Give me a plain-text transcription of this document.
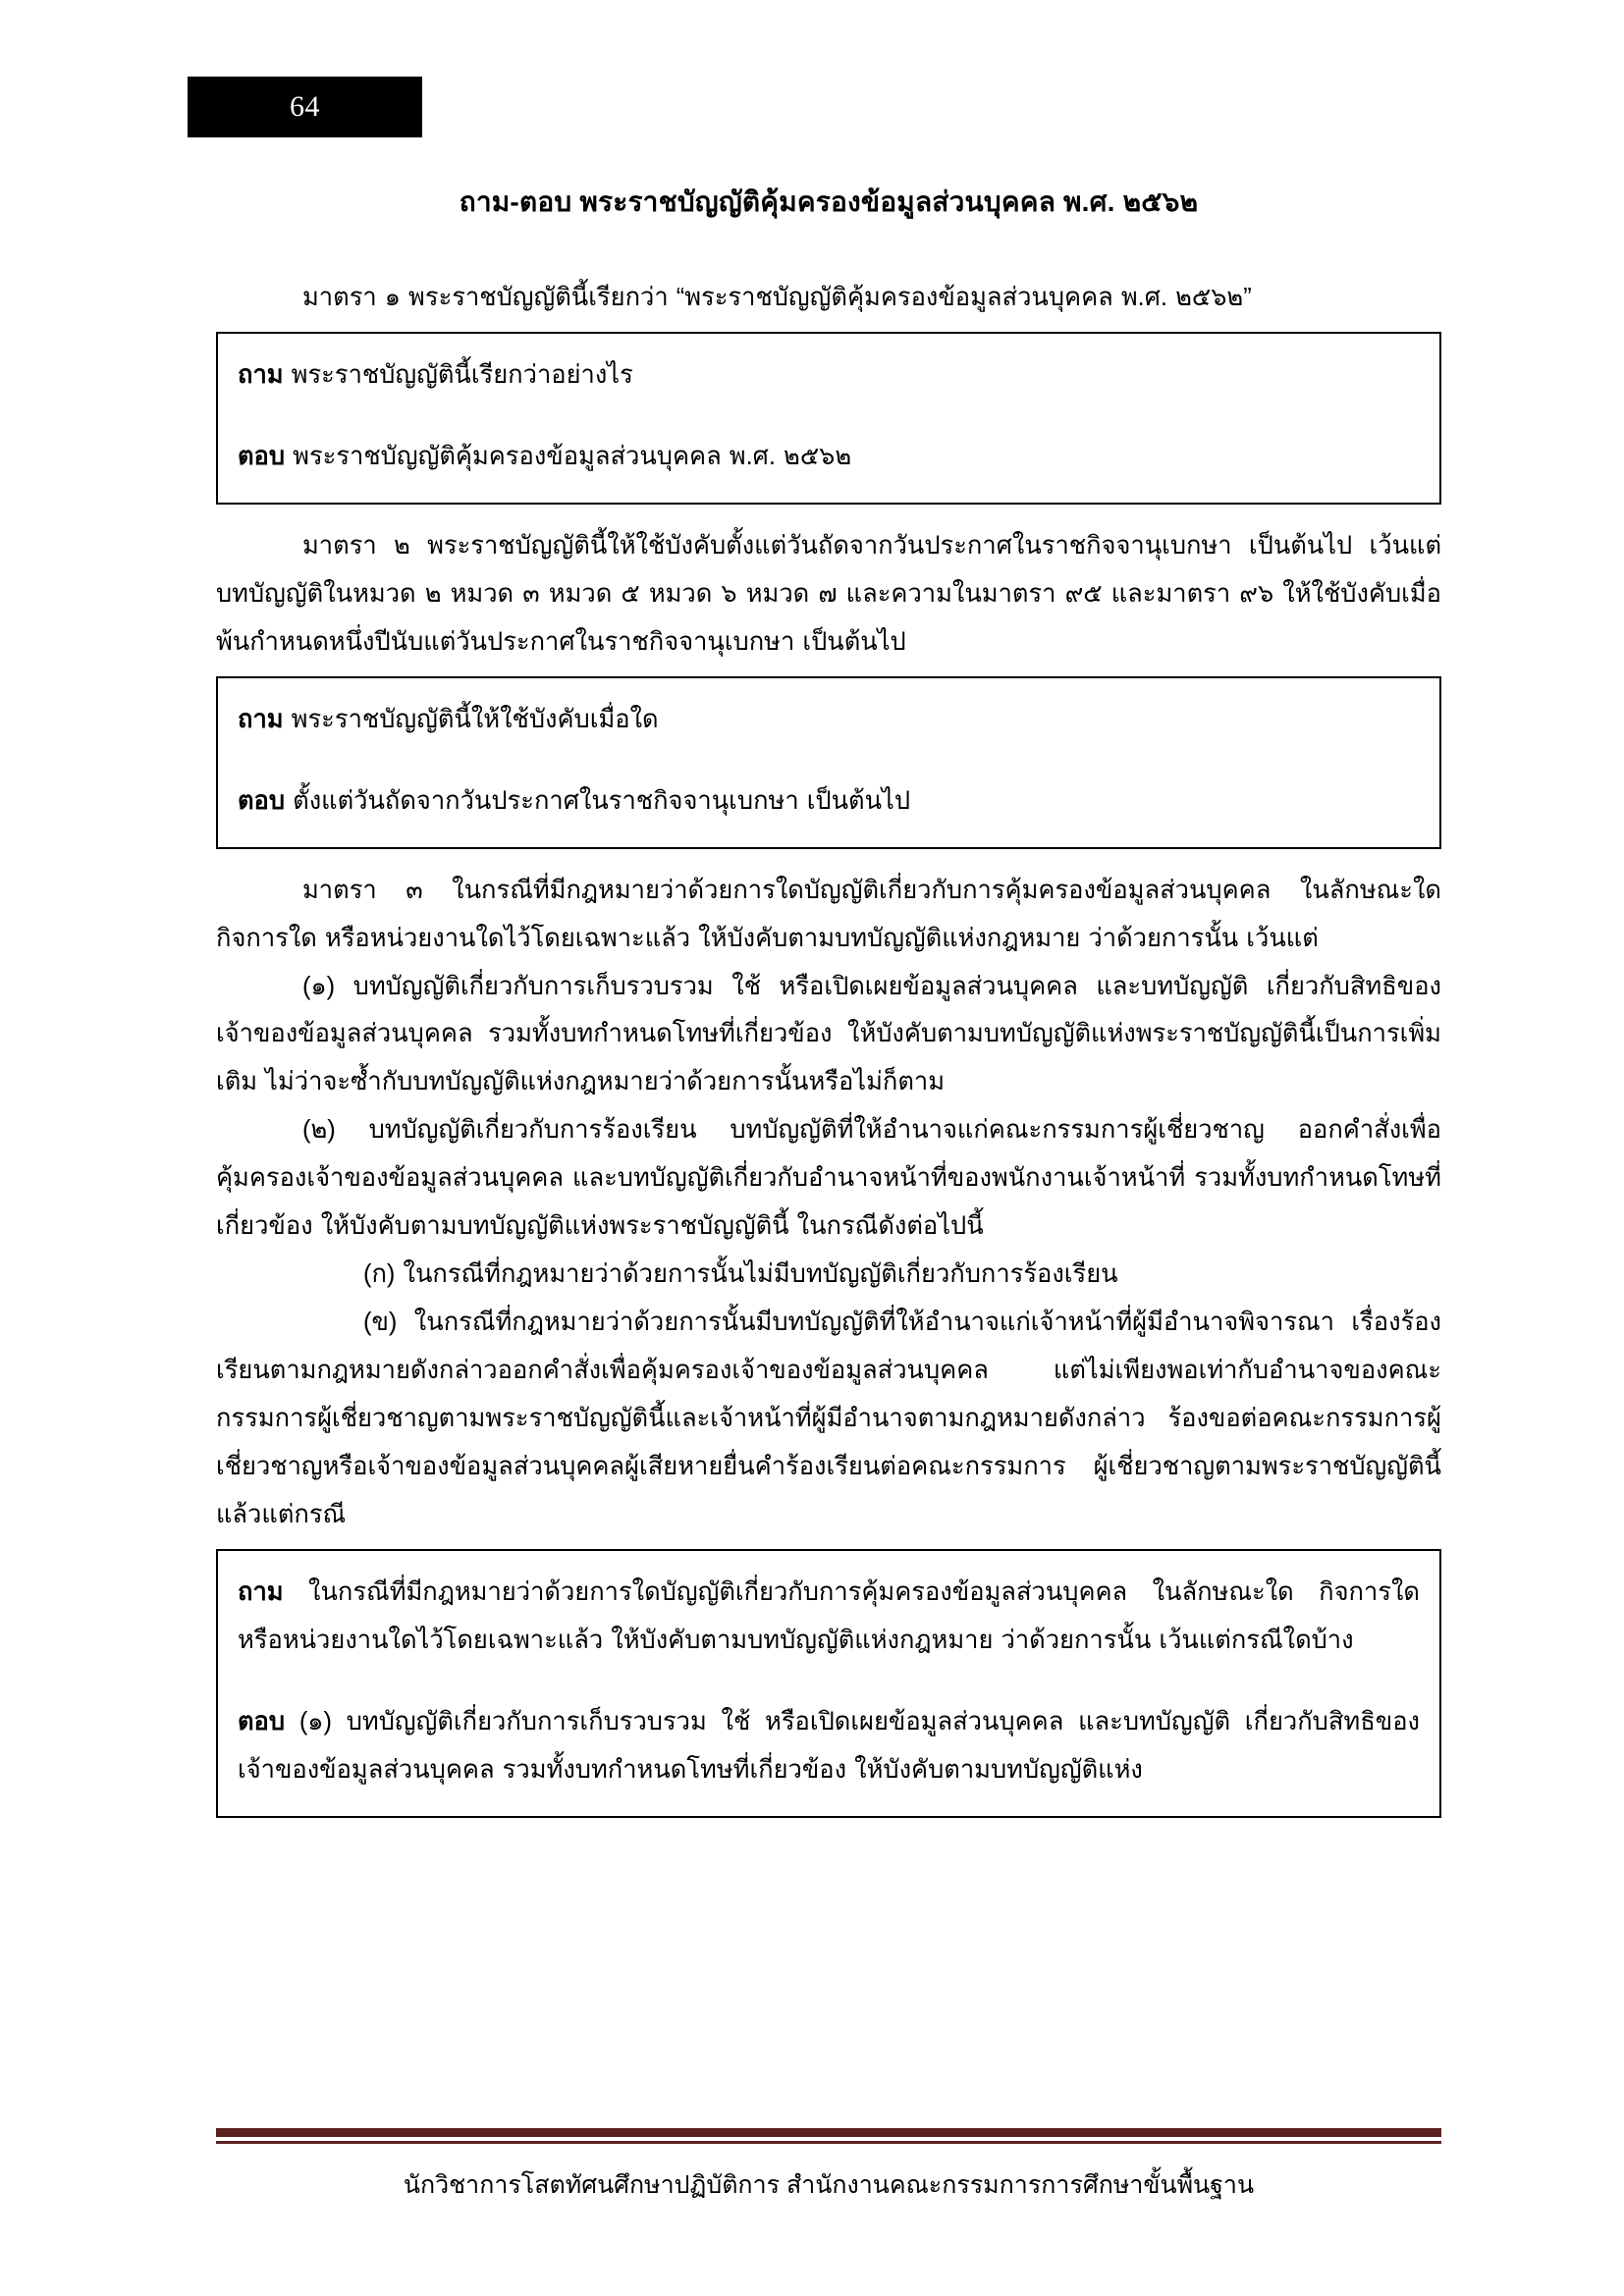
64
ถาม-ตอบ พระราชบัญญัติคุ้มครองข้อมูลส่วนบุคคล พ.ศ. ๒๕๖๒

มาตรา ๑ พระราชบัญญัตินี้เรียกว่า “พระราชบัญญัติคุ้มครองข้อมูลส่วนบุคคล พ.ศ. ๒๕๖๒”

ถาม พระราชบัญญัตินี้เรียกว่าอย่างไร

ตอบ พระราชบัญญัติคุ้มครองข้อมูลส่วนบุคคล พ.ศ. ๒๕๖๒

มาตรา ๒ พระราชบัญญัตินี้ให้ใช้บังคับตั้งแต่วันถัดจากวันประกาศในราชกิจจานุเบกษา เป็นต้นไป เว้นแต่บทบัญญัติในหมวด ๒ หมวด ๓ หมวด ๕ หมวด ๖ หมวด ๗ และความในมาตรา ๙๕ และมาตรา ๙๖ ให้ใช้บังคับเมื่อพ้นกำหนดหนึ่งปีนับแต่วันประกาศในราชกิจจานุเบกษา เป็นต้นไป

ถาม พระราชบัญญัตินี้ให้ใช้บังคับเมื่อใด

ตอบ ตั้งแต่วันถัดจากวันประกาศในราชกิจจานุเบกษา เป็นต้นไป

มาตรา ๓ ในกรณีที่มีกฎหมายว่าด้วยการใดบัญญัติเกี่ยวกับการคุ้มครองข้อมูลส่วนบุคคล ในลักษณะใด กิจการใด หรือหน่วยงานใดไว้โดยเฉพาะแล้ว ให้บังคับตามบทบัญญัติแห่งกฎหมาย ว่าด้วยการนั้น เว้นแต่

(๑) บทบัญญัติเกี่ยวกับการเก็บรวบรวม ใช้ หรือเปิดเผยข้อมูลส่วนบุคคล และบทบัญญัติ เกี่ยวกับสิทธิของเจ้าของข้อมูลส่วนบุคคล รวมทั้งบทกำหนดโทษที่เกี่ยวข้อง ให้บังคับตามบทบัญญัติแห่งพระราชบัญญัตินี้เป็นการเพิ่มเติม ไม่ว่าจะซ้ำกับบทบัญญัติแห่งกฎหมายว่าด้วยการนั้นหรือไม่ก็ตาม

(๒) บทบัญญัติเกี่ยวกับการร้องเรียน บทบัญญัติที่ให้อำนาจแก่คณะกรรมการผู้เชี่ยวชาญ ออกคำสั่งเพื่อคุ้มครองเจ้าของข้อมูลส่วนบุคคล และบทบัญญัติเกี่ยวกับอำนาจหน้าที่ของพนักงานเจ้าหน้าที่ รวมทั้งบทกำหนดโทษที่เกี่ยวข้อง ให้บังคับตามบทบัญญัติแห่งพระราชบัญญัตินี้ ในกรณีดังต่อไปนี้

(ก) ในกรณีที่กฎหมายว่าด้วยการนั้นไม่มีบทบัญญัติเกี่ยวกับการร้องเรียน

(ข) ในกรณีที่กฎหมายว่าด้วยการนั้นมีบทบัญญัติที่ให้อำนาจแก่เจ้าหน้าที่ผู้มีอำนาจพิจารณา เรื่องร้องเรียนตามกฎหมายดังกล่าวออกคำสั่งเพื่อคุ้มครองเจ้าของข้อมูลส่วนบุคคล แต่ไม่เพียงพอเท่ากับอำนาจของคณะกรรมการผู้เชี่ยวชาญตามพระราชบัญญัตินี้และเจ้าหน้าที่ผู้มีอำนาจตามกฎหมายดังกล่าว ร้องขอต่อคณะกรรมการผู้เชี่ยวชาญหรือเจ้าของข้อมูลส่วนบุคคลผู้เสียหายยื่นคำร้องเรียนต่อคณะกรรมการ ผู้เชี่ยวชาญตามพระราชบัญญัตินี้ แล้วแต่กรณี

ถาม ในกรณีที่มีกฎหมายว่าด้วยการใดบัญญัติเกี่ยวกับการคุ้มครองข้อมูลส่วนบุคคล ในลักษณะใด กิจการใด หรือหน่วยงานใดไว้โดยเฉพาะแล้ว ให้บังคับตามบทบัญญัติแห่งกฎหมาย ว่าด้วยการนั้น เว้นแต่กรณีใดบ้าง

ตอบ (๑) บทบัญญัติเกี่ยวกับการเก็บรวบรวม ใช้ หรือเปิดเผยข้อมูลส่วนบุคคล และบทบัญญัติ เกี่ยวกับสิทธิของเจ้าของข้อมูลส่วนบุคคล รวมทั้งบทกำหนดโทษที่เกี่ยวข้อง ให้บังคับตามบทบัญญัติแห่ง

นักวิชาการโสตทัศนศึกษาปฏิบัติการ สำนักงานคณะกรรมการการศึกษาขั้นพื้นฐาน
